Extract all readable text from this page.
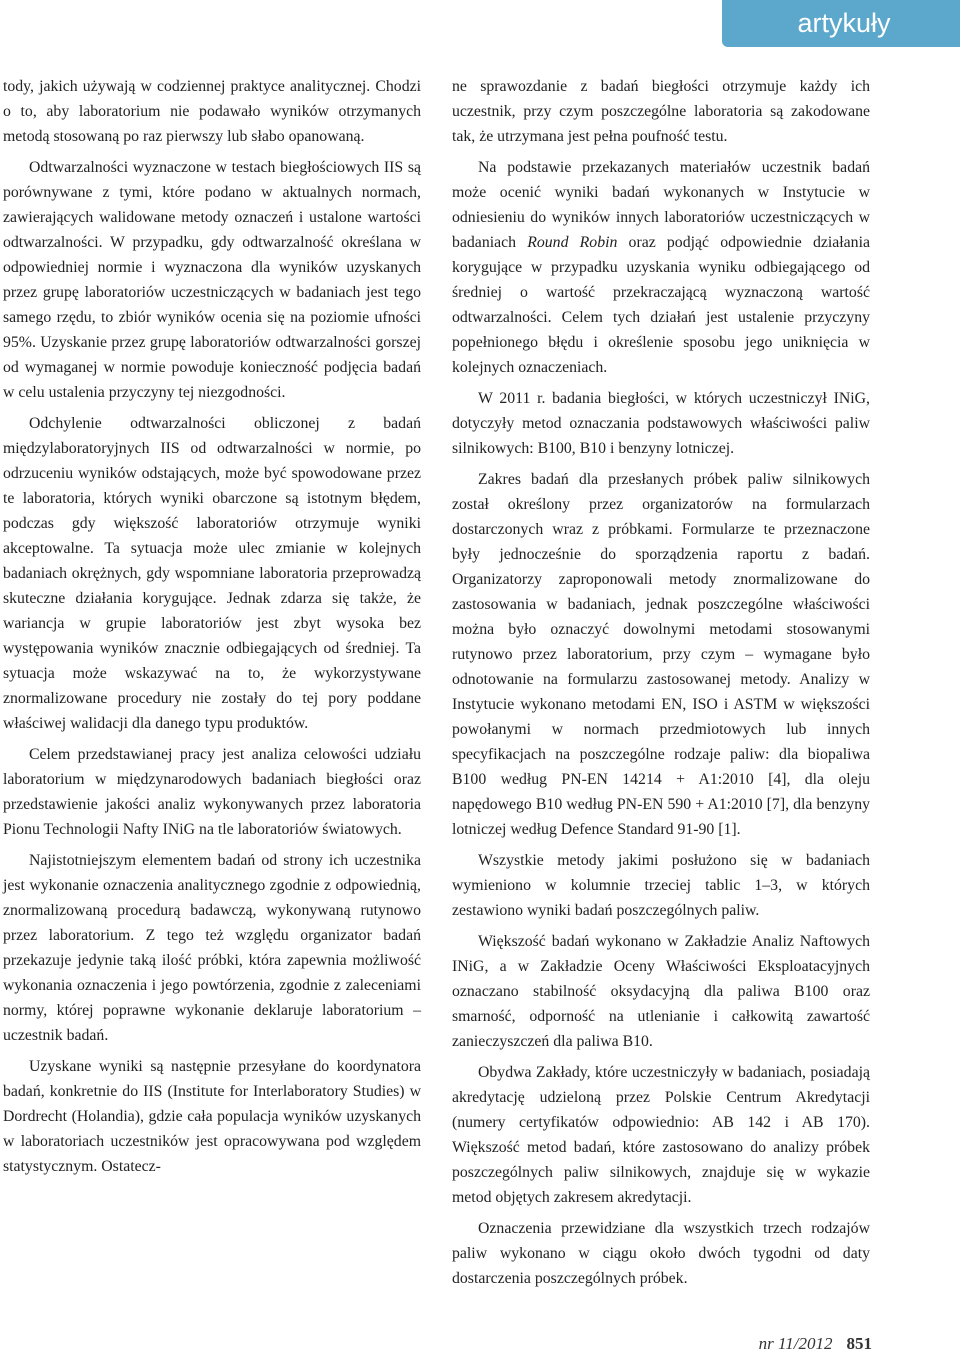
artykuły

tody, jakich używają w codziennej praktyce analitycznej. Chodzi o to, aby laboratorium nie podawało wyników otrzymanych metodą stosowaną po raz pierwszy lub słabo opanowaną.

Odtwarzalności wyznaczone w testach biegłościowych IIS są porównywane z tymi, które podano w aktualnych normach, zawierających walidowane metody oznaczeń i ustalone wartości odtwarzalności. W przypadku, gdy odtwarzalność określana w odpowiedniej normie i wyznaczona dla wyników uzyskanych przez grupę laboratoriów uczestniczących w badaniach jest tego samego rzędu, to zbiór wyników ocenia się na poziomie ufności 95%. Uzyskanie przez grupę laboratoriów odtwarzalności gorszej od wymaganej w normie powoduje konieczność podjęcia badań w celu ustalenia przyczyny tej niezgodności.

Odchylenie odtwarzalności obliczonej z badań międzylaboratoryjnych IIS od odtwarzalności w normie, po odrzuceniu wyników odstających, może być spowodowane przez te laboratoria, których wyniki obarczone są istotnym błędem, podczas gdy większość laboratoriów otrzymuje wyniki akceptowalne. Ta sytuacja może ulec zmianie w kolejnych badaniach okrężnych, gdy wspomniane laboratoria przeprowadzą skuteczne działania korygujące. Jednak zdarza się także, że wariancja w grupie laboratoriów jest zbyt wysoka bez występowania wyników znacznie odbiegających od średniej. Ta sytuacja może wskazywać na to, że wykorzystywane znormalizowane procedury nie zostały do tej pory poddane właściwej walidacji dla danego typu produktów.

Celem przedstawianej pracy jest analiza celowości udziału laboratorium w międzynarodowych badaniach biegłości oraz przedstawienie jakości analiz wykonywanych przez laboratoria Pionu Technologii Nafty INiG na tle laboratoriów światowych.

Najistotniejszym elementem badań od strony ich uczestnika jest wykonanie oznaczenia analitycznego zgodnie z odpowiednią, znormalizowaną procedurą badawczą, wykonywaną rutynowo przez laboratorium. Z tego też względu organizator badań przekazuje jedynie taką ilość próbki, która zapewnia możliwość wykonania oznaczenia i jego powtórzenia, zgodnie z zaleceniami normy, której poprawne wykonanie deklaruje laboratorium – uczestnik badań.

Uzyskane wyniki są następnie przesyłane do koordynatora badań, konkretnie do IIS (Institute for Interlaboratory Studies) w Dordrecht (Holandia), gdzie cała populacja wyników uzyskanych w laboratoriach uczestników jest opracowywana pod względem statystycznym. Ostatecz-

ne sprawozdanie z badań biegłości otrzymuje każdy ich uczestnik, przy czym poszczególne laboratoria są zakodowane tak, że utrzymana jest pełna poufność testu.

Na podstawie przekazanych materiałów uczestnik badań może ocenić wyniki badań wykonanych w Instytucie w odniesieniu do wyników innych laboratoriów uczestniczących w badaniach Round Robin oraz podjąć odpowiednie działania korygujące w przypadku uzyskania wyniku odbiegającego od średniej o wartość przekraczającą wyznaczoną wartość odtwarzalności. Celem tych działań jest ustalenie przyczyny popełnionego błędu i określenie sposobu jego uniknięcia w kolejnych oznaczeniach.

W 2011 r. badania biegłości, w których uczestniczył INiG, dotyczyły metod oznaczania podstawowych właściwości paliw silnikowych: B100, B10 i benzyny lotniczej.

Zakres badań dla przesłanych próbek paliw silnikowych został określony przez organizatorów na formularzach dostarczonych wraz z próbkami. Formularze te przeznaczone były jednocześnie do sporządzenia raportu z badań. Organizatorzy zaproponowali metody znormalizowane do zastosowania w badaniach, jednak poszczególne właściwości można było oznaczyć dowolnymi metodami stosowanymi rutynowo przez laboratorium, przy czym – wymagane było odnotowanie na formularzu zastosowanej metody. Analizy w Instytucie wykonano metodami EN, ISO i ASTM w większości powołanymi w normach przedmiotowych lub innych specyfikacjach na poszczególne rodzaje paliw: dla biopaliwa B100 według PN-EN 14214 + A1:2010 [4], dla oleju napędowego B10 według PN-EN 590 + A1:2010 [7], dla benzyny lotniczej według Defence Standard 91-90 [1].

Wszystkie metody jakimi posłużono się w badaniach wymieniono w kolumnie trzeciej tablic 1–3, w których zestawiono wyniki badań poszczególnych paliw.

Większość badań wykonano w Zakładzie Analiz Naftowych INiG, a w Zakładzie Oceny Właściwości Eksploatacyjnych oznaczano stabilność oksydacyjną dla paliwa B100 oraz smarność, odporność na utlenianie i całkowitą zawartość zanieczyszczeń dla paliwa B10.

Obydwa Zakłady, które uczestniczyły w badaniach, posiadają akredytację udzieloną przez Polskie Centrum Akredytacji (numery certyfikatów odpowiednio: AB 142 i AB 170). Większość metod badań, które zastosowano do analizy próbek poszczególnych paliw silnikowych, znajduje się w wykazie metod objętych zakresem akredytacji.

Oznaczenia przewidziane dla wszystkich trzech rodzajów paliw wykonano w ciągu około dwóch tygodni od daty dostarczenia poszczególnych próbek.

nr 11/2012 851
